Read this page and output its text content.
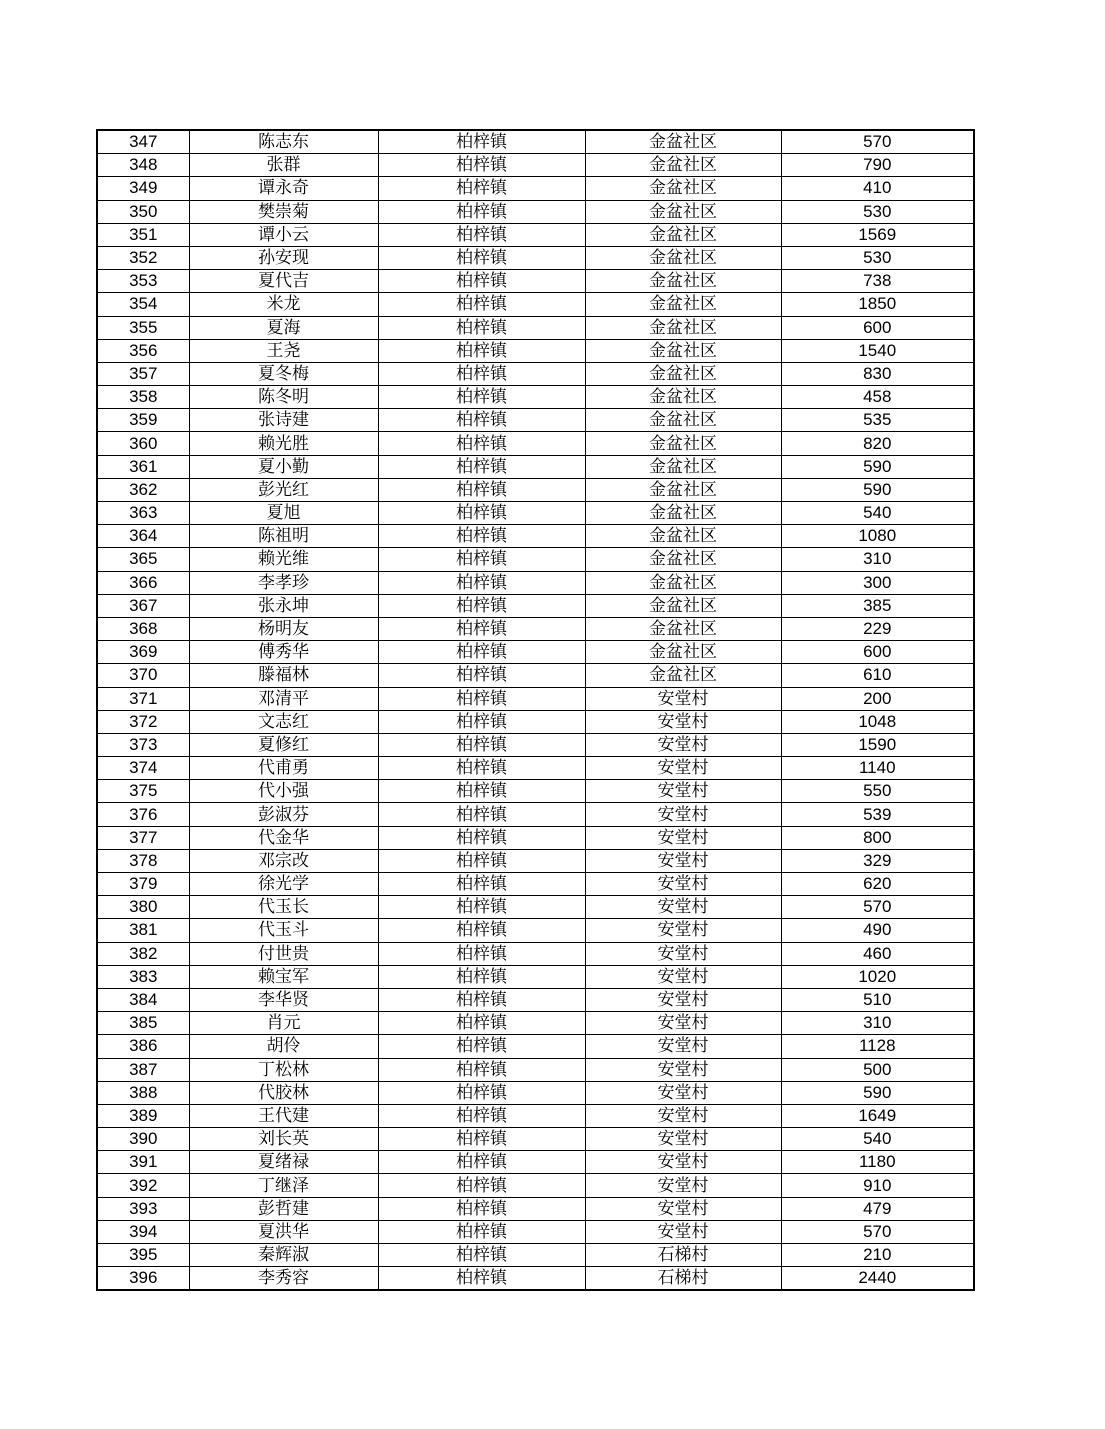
347	陈志东	柏梓镇	金盆社区	570
348	张群	柏梓镇	金盆社区	790
349	谭永奇	柏梓镇	金盆社区	410
350	樊崇菊	柏梓镇	金盆社区	530
351	谭小云	柏梓镇	金盆社区	1569
352	孙安现	柏梓镇	金盆社区	530
353	夏代吉	柏梓镇	金盆社区	738
354	米龙	柏梓镇	金盆社区	1850
355	夏海	柏梓镇	金盆社区	600
356	王尧	柏梓镇	金盆社区	1540
357	夏冬梅	柏梓镇	金盆社区	830
358	陈冬明	柏梓镇	金盆社区	458
359	张诗建	柏梓镇	金盆社区	535
360	赖光胜	柏梓镇	金盆社区	820
361	夏小勤	柏梓镇	金盆社区	590
362	彭光红	柏梓镇	金盆社区	590
363	夏旭	柏梓镇	金盆社区	540
364	陈祖明	柏梓镇	金盆社区	1080
365	赖光维	柏梓镇	金盆社区	310
366	李孝珍	柏梓镇	金盆社区	300
367	张永坤	柏梓镇	金盆社区	385
368	杨明友	柏梓镇	金盆社区	229
369	傅秀华	柏梓镇	金盆社区	600
370	滕福林	柏梓镇	金盆社区	610
371	邓清平	柏梓镇	安堂村	200
372	文志红	柏梓镇	安堂村	1048
373	夏修红	柏梓镇	安堂村	1590
374	代甫勇	柏梓镇	安堂村	1140
375	代小强	柏梓镇	安堂村	550
376	彭淑芬	柏梓镇	安堂村	539
377	代金华	柏梓镇	安堂村	800
378	邓宗改	柏梓镇	安堂村	329
379	徐光学	柏梓镇	安堂村	620
380	代玉长	柏梓镇	安堂村	570
381	代玉斗	柏梓镇	安堂村	490
382	付世贵	柏梓镇	安堂村	460
383	赖宝军	柏梓镇	安堂村	1020
384	李华贤	柏梓镇	安堂村	510
385	肖元	柏梓镇	安堂村	310
386	胡伶	柏梓镇	安堂村	1128
387	丁松林	柏梓镇	安堂村	500
388	代胶林	柏梓镇	安堂村	590
389	王代建	柏梓镇	安堂村	1649
390	刘长英	柏梓镇	安堂村	540
391	夏绪禄	柏梓镇	安堂村	1180
392	丁继泽	柏梓镇	安堂村	910
393	彭哲建	柏梓镇	安堂村	479
394	夏洪华	柏梓镇	安堂村	570
395	秦辉淑	柏梓镇	石梯村	210
396	李秀容	柏梓镇	石梯村	2440
